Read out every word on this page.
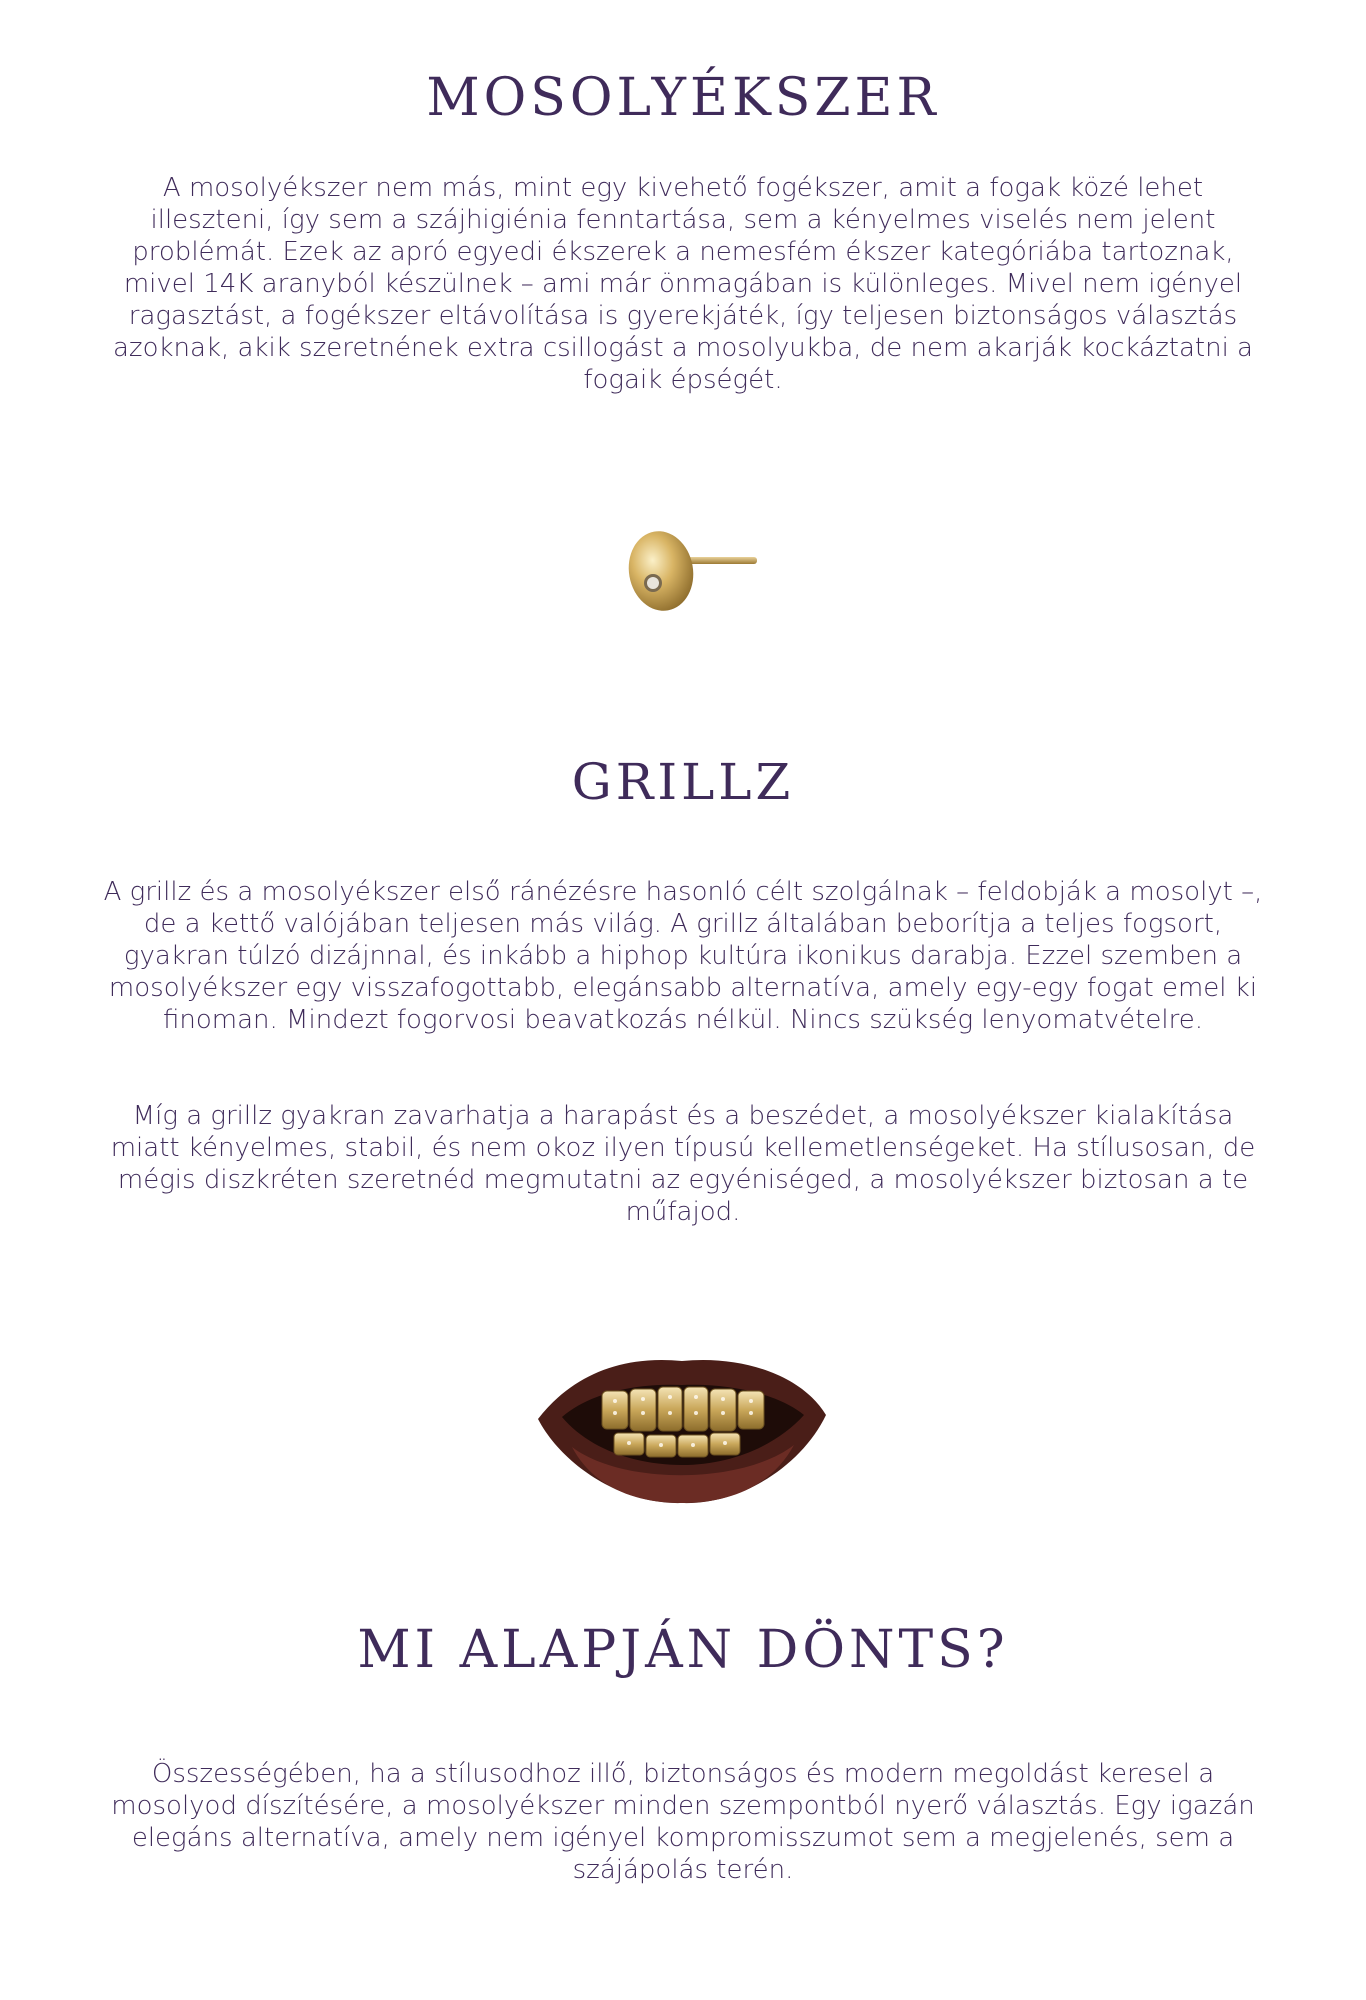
MOSOLYÉKSZER

A mosolyékszer nem más, mint egy kivehető fogékszer, amit a fogak közé lehet illeszteni, így sem a szájhigiénia fenntartása, sem a kényelmes viselés nem jelent problémát. Ezek az apró egyedi ékszerek a nemesfém ékszer kategóriába tartoznak, mivel 14K aranyból készülnek – ami már önmagában is különleges. Mivel nem igényel ragasztást, a fogékszer eltávolítása is gyerekjáték, így teljesen biztonságos választás azoknak, akik szeretnének extra csillogást a mosolyukba, de nem akarják kockáztatni a fogaik épségét.

GRILLZ

A grillz és a mosolyékszer első ránézésre hasonló célt szolgálnak – feldobják a mosolyt –, de a kettő valójában teljesen más világ. A grillz általában beborítja a teljes fogsort, gyakran túlzó dizájnnal, és inkább a hiphop kultúra ikonikus darabja. Ezzel szemben a mosolyékszer egy visszafogottabb, elegánsabb alternatíva, amely egy-egy fogat emel ki finoman. Mindezt fogorvosi beavatkozás nélkül. Nincs szükség lenyomatvételre.

Míg a grillz gyakran zavarhatja a harapást és a beszédet, a mosolyékszer kialakítása miatt kényelmes, stabil, és nem okoz ilyen típusú kellemetlenségeket. Ha stílusosan, de mégis diszkréten szeretnéd megmutatni az egyéniséged, a mosolyékszer biztosan a te műfajod.

MI ALAPJÁN DÖNTS?

Összességében, ha a stílusodhoz illő, biztonságos és modern megoldást keresel a mosolyod díszítésére, a mosolyékszer minden szempontból nyerő választás. Egy igazán elegáns alternatíva, amely nem igényel kompromisszumot sem a megjelenés, sem a szájápolás terén.
